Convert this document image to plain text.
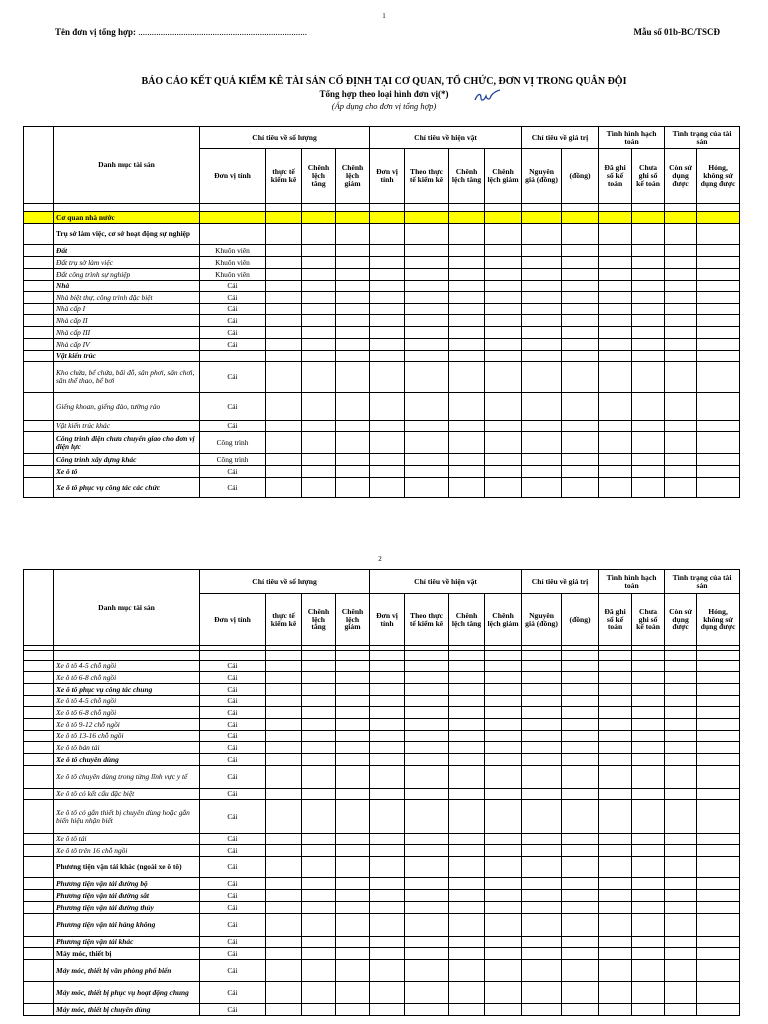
1
Tên đơn vị tổng hợp: ...........................................................................	Mẫu số 01b-BC/TSCĐ
BÁO CÁO KẾT QUẢ KIỂM KÊ TÀI SẢN CỐ ĐỊNH TẠI CƠ QUAN, TỔ CHỨC, ĐƠN VỊ TRONG QUÂN ĐỘI
Tổng hợp theo loại hình đơn vị(*)
(Áp dụng cho đơn vị tổng hợp)
	Danh mục tài sản	Chỉ tiêu về số lượng				Chỉ tiêu về hiện vật				Chỉ tiêu về giá trị		Tình hình hạch toán		Tình trạng của tài sản	
		Đơn vị tính	thực tế kiểm kê	Chênh lệch tăng	Chênh lệch giảm	Đơn vị tính	Theo thực tế kiểm kê	Chênh lệch tăng	Chênh lệch giảm	Nguyên giá (đồng)	(đồng)	Đã ghi sổ kế toán	Chưa ghi sổ kế toán	Còn sử dụng được	Hỏng, không sử dụng được

	Cơ quan nhà nước														
	Trụ sở làm việc, cơ sở hoạt động sự nghiệp														
	Đất	Khuôn viên													
	Đất trụ sở làm việc	Khuôn viên													
	Đất công trình sự nghiệp	Khuôn viên													
	Nhà	Cái													
	Nhà biệt thự, công trình đặc biệt	Cái													
	Nhà cấp I	Cái													
	Nhà cấp II	Cái													
	Nhà cấp III	Cái													
	Nhà cấp IV	Cái													
	Vật kiến trúc														
	Kho chứa, bể chứa, bãi đỗ, sân phơi, sân chơi, sân thể thao, bể bơi	Cái													
	Giếng khoan, giếng đào, tường rào	Cái													
	Vật kiến trúc khác	Cái													
	Công trình điện chưa chuyển giao cho đơn vị điện lực	Công trình													
	Công trình xây dựng khác	Công trình													
	Xe ô tô	Cái													
	Xe ô tô phục vụ công tác các chức	Cái													
2
	Danh mục tài sản	Chỉ tiêu về số lượng				Chỉ tiêu về hiện vật				Chỉ tiêu về giá trị		Tình hình hạch toán		Tình trạng của tài sản	
		Đơn vị tính	thực tế kiểm kê	Chênh lệch tăng	Chênh lệch giảm	Đơn vị tính	Theo thực tế kiểm kê	Chênh lệch tăng	Chênh lệch giảm	Nguyên giá (đồng)	(đồng)	Đã ghi sổ kế toán	Chưa ghi sổ kế toán	Còn sử dụng được	Hỏng, không sử dụng được

	Xe ô tô 4-5 chỗ ngồi	Cái													
	Xe ô tô 6-8 chỗ ngồi	Cái													
	Xe ô tô phục vụ công tác chung	Cái													
	Xe ô tô 4-5 chỗ ngồi	Cái													
	Xe ô tô 6-8 chỗ ngồi	Cái													
	Xe ô tô 9-12 chỗ ngồi	Cái													
	Xe ô tô 13-16 chỗ ngồi	Cái													
	Xe ô tô bán tải	Cái													
	Xe ô tô chuyên dùng	Cái													
	Xe ô tô chuyên dùng trong từng lĩnh vực y tế	Cái													
	Xe ô tô có kết cấu đặc biệt	Cái													
	Xe ô tô có gắn thiết bị chuyên dùng hoặc gắn biển hiệu nhận biết	Cái													
	Xe ô tô tải	Cái													
	Xe ô tô trên 16 chỗ ngồi	Cái													
	Phương tiện vận tải khác (ngoài xe ô tô)	Cái													
	Phương tiện vận tải đường bộ	Cái													
	Phương tiện vận tải đường sắt	Cái													
	Phương tiện vận tải đường thủy	Cái													
	Phương tiện vận tải hàng không	Cái													
	Phương tiện vận tải khác	Cái													
	Máy móc, thiết bị	Cái													
	Máy móc, thiết bị văn phòng phổ biến	Cái													
	Máy móc, thiết bị phục vụ hoạt động chung	Cái													
	Máy móc, thiết bị chuyên dùng	Cái													
